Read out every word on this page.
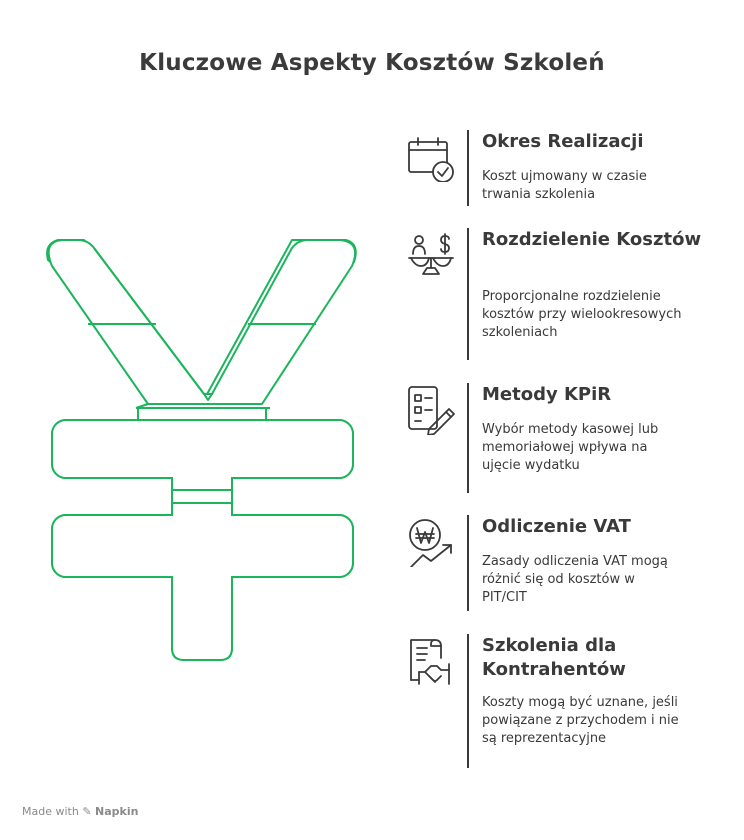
Kluczowe Aspekty Kosztów Szkoleń
Okres Realizacji
Koszt ujmowany w czasie trwania szkolenia
Rozdzielenie Kosztów
Proporcjonalne rozdzielenie kosztów przy wielookresowych szkoleniach
Metody KPiR
Wybór metody kasowej lub memoriałowej wpływa na ujęcie wydatku
Odliczenie VAT
Zasady odliczenia VAT mogą różnić się od kosztów w PIT/CIT
Szkolenia dla Kontrahentów
Koszty mogą być uznane, jeśli powiązane z przychodem i nie są reprezentacyjne
Made with ✎ Napkin
